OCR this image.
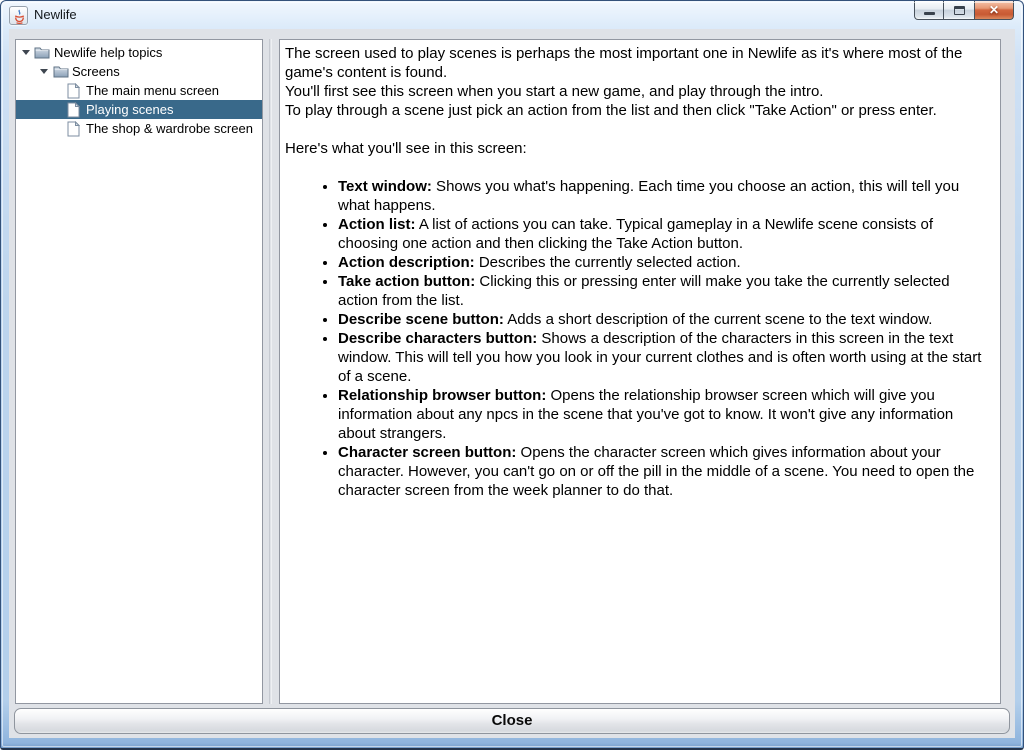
Newlife
✕
Newlife help topics
Screens
The main menu screen
Playing scenes
The shop & wardrobe screen
The screen used to play scenes is perhaps the most important one in Newlife as it's where most of the game's content is found.
You'll first see this screen when you start a new game, and play through the intro.
To play through a scene just pick an action from the list and then click "Take Action" or press enter.
Here's what you'll see in this screen:
• Text window: Shows you what's happening. Each time you choose an action, this will tell you what happens.
• Action list: A list of actions you can take. Typical gameplay in a Newlife scene consists of choosing one action and then clicking the Take Action button.
• Action description: Describes the currently selected action.
• Take action button: Clicking this or pressing enter will make you take the currently selected action from the list.
• Describe scene button: Adds a short description of the current scene to the text window.
• Describe characters button: Shows a description of the characters in this screen in the text window. This will tell you how you look in your current clothes and is often worth using at the start of a scene.
• Relationship browser button: Opens the relationship browser screen which will give you information about any npcs in the scene that you've got to know. It won't give any information about strangers.
• Character screen button: Opens the character screen which gives information about your character. However, you can't go on or off the pill in the middle of a scene. You need to open the character screen from the week planner to do that.
Close
